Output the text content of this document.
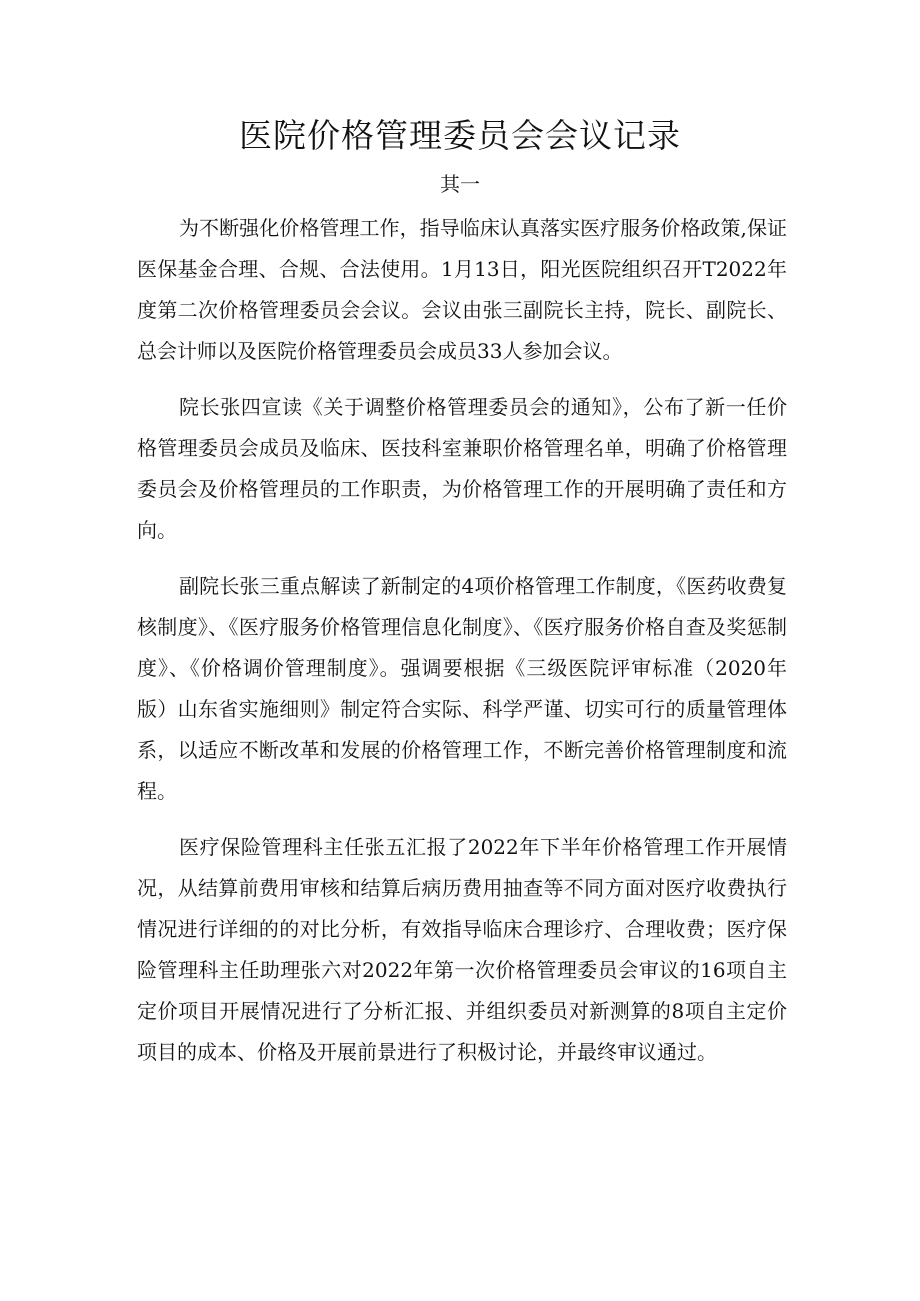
医院价格管理委员会会议记录
其一

为不断强化价格管理工作，指导临床认真落实医疗服务价格政策,保证医保基金合理、合规、合法使用。1月13日，阳光医院组织召开T2022年度第二次价格管理委员会会议。会议由张三副院长主持，院长、副院长、总会计师以及医院价格管理委员会成员33人参加会议。

院长张四宣读《关于调整价格管理委员会的通知》，公布了新一任价格管理委员会成员及临床、医技科室兼职价格管理名单，明确了价格管理委员会及价格管理员的工作职责，为价格管理工作的开展明确了责任和方向。

副院长张三重点解读了新制定的4项价格管理工作制度，《医药收费复核制度》、《医疗服务价格管理信息化制度》、《医疗服务价格自查及奖惩制度》、《价格调价管理制度》。强调要根据《三级医院评审标准（2020年版）山东省实施细则》制定符合实际、科学严谨、切实可行的质量管理体系，以适应不断改革和发展的价格管理工作，不断完善价格管理制度和流程。

医疗保险管理科主任张五汇报了2022年下半年价格管理工作开展情况，从结算前费用审核和结算后病历费用抽查等不同方面对医疗收费执行情况进行详细的的对比分析，有效指导临床合理诊疗、合理收费；医疗保险管理科主任助理张六对2022年第一次价格管理委员会审议的16项自主定价项目开展情况进行了分析汇报、并组织委员对新测算的8项自主定价项目的成本、价格及开展前景进行了积极讨论，并最终审议通过。
